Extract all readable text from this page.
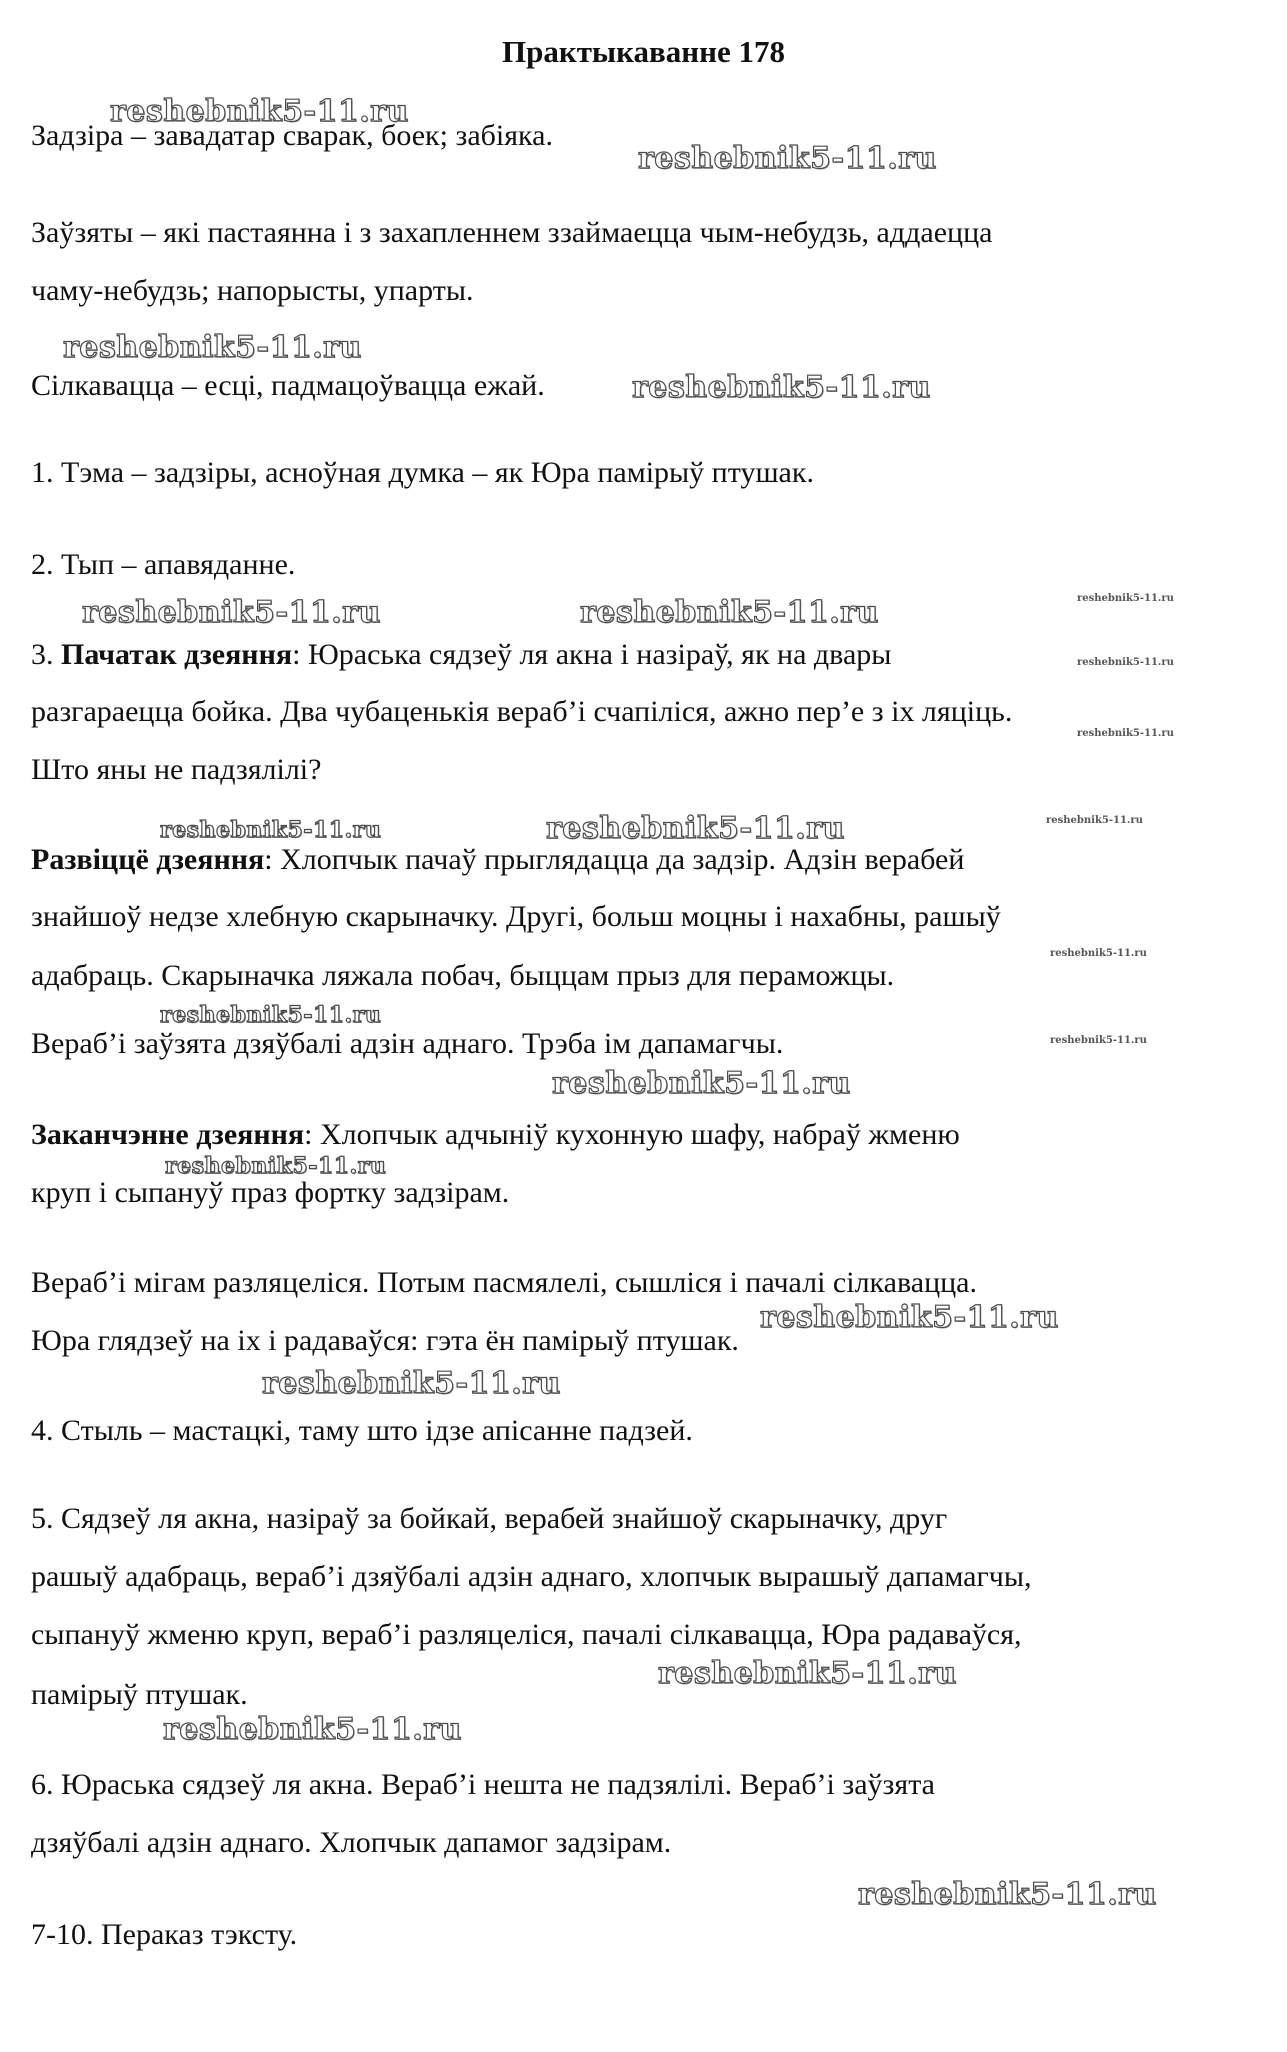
Практыкаванне 178

Задзіра – завадатар сварак, боек; забіяка.

Заўзяты – які пастаянна і з захапленнем ззаймаецца чым-небудзь, аддаецца

чаму-небудзь; напорысты, упарты.

Сілкавацца – есці, падмацоўвацца ежай.

1. Тэма – задзіры, асноўная думка – як Юра памірыў птушак.

2. Тып – апавяданне.

3. Пачатак дзеяння: Юраська сядзеў ля акна і назіраў, як на двары

разгараецца бойка. Два чубаценькія вераб’і счапіліся, ажно пер’е з іх ляціць.

Што яны не падзялілі?

Развіццё дзеяння: Хлопчык пачаў прыглядацца да задзір. Адзін верабей

знайшоў недзе хлебную скарыначку. Другі, больш моцны і нахабны, рашыў

адабраць. Скарыначка ляжала побач, быццам прыз для пераможцы.

Вераб’і заўзята дзяўбалі адзін аднаго. Трэба ім дапамагчы.

Заканчэнне дзеяння: Хлопчык адчыніў кухонную шафу, набраў жменю

круп і сыпануў праз фортку задзірам.

Вераб’і мігам разляцеліся. Потым пасмялелі, сышліся і пачалі сілкавацца.

Юра глядзеў на іх і радаваўся: гэта ён памірыў птушак.

4. Стыль – мастацкі, таму што ідзе апісанне падзей.

5. Сядзеў ля акна, назіраў за бойкай, верабей знайшоў скарыначку, друг

рашыў адабраць, вераб’і дзяўбалі адзін аднаго, хлопчык вырашыў дапамагчы,

сыпануў жменю круп, вераб’і разляцеліся, пачалі сілкавацца, Юра радаваўся,

памірыў птушак.

6. Юраська сядзеў ля акна. Вераб’і нешта не падзялілі. Вераб’і заўзята

дзяўбалі адзін аднаго. Хлопчык дапамог задзірам.

7-10. Пераказ тэксту.

reshebnik5-11.ru
reshebnik5-11.ru
reshebnik5-11.ru
reshebnik5-11.ru
reshebnik5-11.ru	reshebnik5-11.ru	reshebnik5-11.ru
reshebnik5-11.ru
reshebnik5-11.ru
reshebnik5-11.ru	reshebnik5-11.ru	reshebnik5-11.ru
reshebnik5-11.ru
reshebnik5-11.ru
reshebnik5-11.ru
reshebnik5-11.ru
reshebnik5-11.ru
reshebnik5-11.ru
reshebnik5-11.ru
reshebnik5-11.ru
reshebnik5-11.ru
reshebnik5-11.ru
